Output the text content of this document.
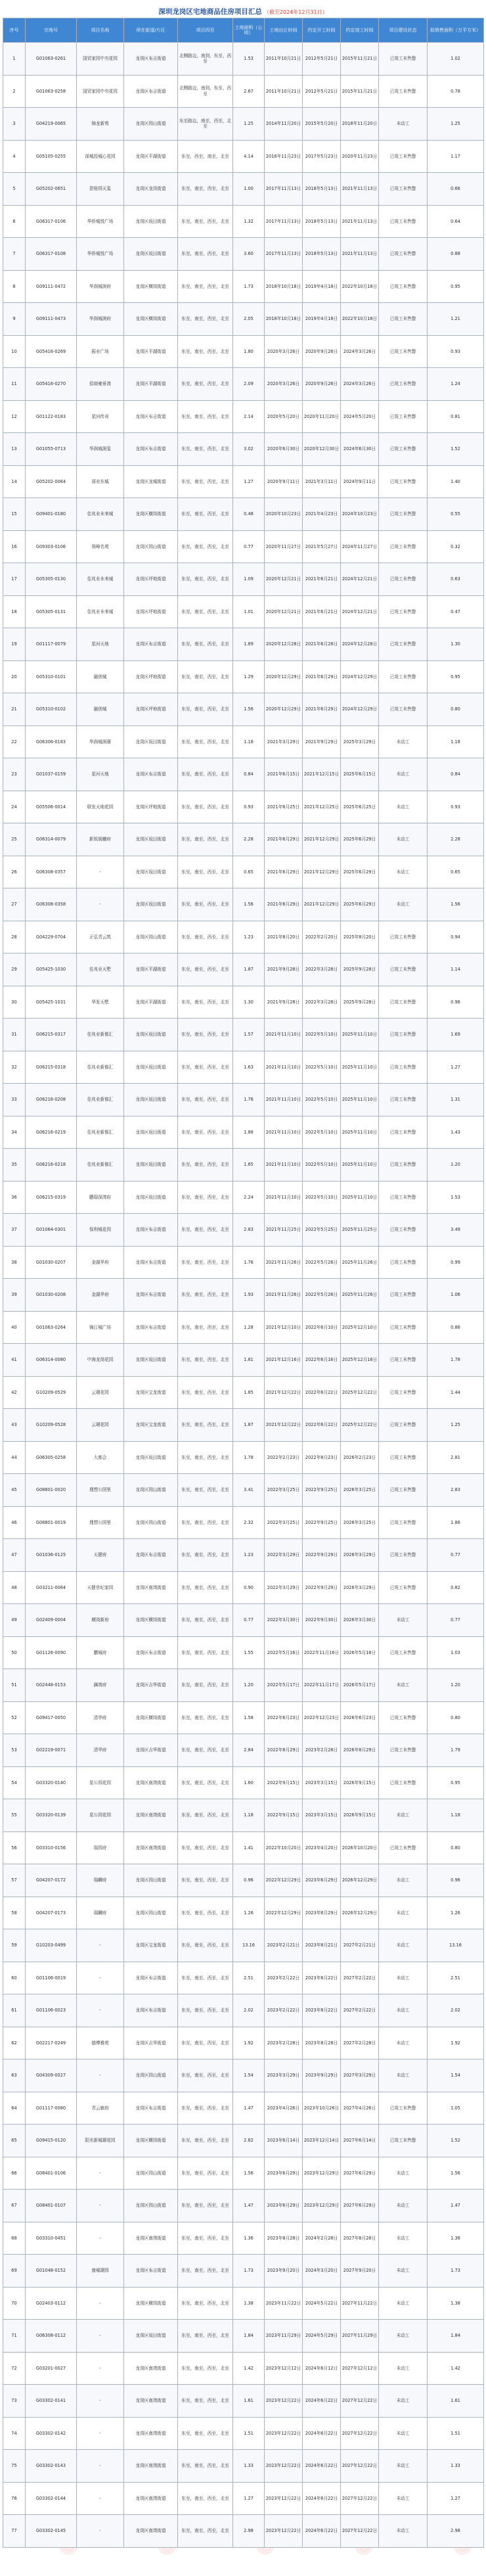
深圳龙岗区宅地商品住房项目汇总 （截至2024年12月31日）
序号	宗地号	项目名称	所在街道/片区	项目四至	土地面积（公顷）	土地出让时间	约定开工时间	约定竣工时间	项目建设状态	拟销售面积（万平方米）
1	G01063-0261	国贸家园中央花园	龙岗区布吉街道	北侧路边，南到，东至，西至	1.53	2011年10月21日	2012年5月21日	2015年11月21日	已竣工未售罄	1.02
2	G01063-0258	国贸家园中央花园	龙岗区布吉街道	北侧路边，南到，东至，西至	2.67	2011年10月21日	2012年5月21日	2015年11月21日	已竣工未售罄	0.78
3	G04219-0065	锦龙新苑	龙岗区园山街道	东至路边，南至，西至，北至	1.25	2014年11月20日	2015年5月20日	2018年11月20日	未动工	1.25
4	G05105-0255	深城投城心花园	龙岗区平湖街道	东至，西至，南至，北至	4.14	2016年11月23日	2017年5月23日	2020年11月23日	已竣工未售罄	1.17
5	G05202-0651	碧桂园天玺	龙岗区龙岗街道	东至，南至，西至，北至	1.00	2017年11月13日	2018年5月13日	2021年11月13日	已竣工未售罄	0.66
6	G06317-0106	华侨城悦广场	龙岗区坂田街道	东至，南至，西至，北至	1.32	2017年11月13日	2018年5月13日	2021年11月13日	已竣工未售罄	0.64
7	G06317-0108	华侨城悦广场	龙岗区坂田街道	东至，南至，西至，北至	3.60	2017年11月13日	2018年5月13日	2021年11月13日	已竣工未售罄	0.88
8	G09111-0472	华润城润府	龙岗区横岗街道	东至，南至，西至，北至	1.73	2018年10月18日	2019年4月18日	2022年10月18日	已竣工未售罄	0.95
9	G09111-0473	华润城润府	龙岗区横岗街道	东至，南至，西至，北至	2.05	2018年10月18日	2019年4月18日	2022年10月18日	已竣工未售罄	1.21
10	G05416-0269	振业广场	龙岗区平湖街道	东至，南至，西至，北至	1.80	2020年3月26日	2020年9月26日	2024年3月26日	已竣工未售罄	0.93
11	G05416-0270	招商雍景湾	龙岗区平湖街道	东至，南至，西至，北至	2.09	2020年3月26日	2020年9月26日	2024年3月26日	已竣工未售罄	1.24
12	G01122-0183	星河传奇	龙岗区布吉街道	东至，南至，西至，北至	2.14	2020年5月20日	2020年11月20日	2024年5月20日	已竣工未售罄	0.81
13	G01055-0713	华润城润玺	龙岗区布吉街道	东至，南至，西至，北至	3.02	2020年6月30日	2020年12月30日	2024年6月30日	已竣工未售罄	1.52
14	G05202-0064	深业东城	龙岗区龙城街道	东至，南至，西至，北至	1.27	2020年9月11日	2021年3月11日	2024年9月11日	已竣工未售罄	1.40
15	G09401-0180	佳兆业未来城	龙岗区横岗街道	东至，南至，西至，北至	0.48	2020年10月23日	2021年4月23日	2024年10月23日	已竣工未售罄	0.55
16	G09303-0106	领峰名苑	龙岗区园山街道	东至，南至，西至，北至	0.77	2020年11月27日	2021年5月27日	2024年11月27日	已竣工未售罄	0.32
17	G05305-0130	佳兆业未来城	龙岗区坪地街道	东至，南至，西至，北至	1.09	2020年12月21日	2021年6月21日	2024年12月21日	已竣工未售罄	0.63
18	G05305-0131	佳兆业未来城	龙岗区坪地街道	东至，南至，西至，北至	1.01	2020年12月21日	2021年6月21日	2024年12月21日	已竣工未售罄	0.47
19	G01117-0079	星河天地	龙岗区布吉街道	东至，南至，西至，北至	1.89	2020年12月28日	2021年6月28日	2024年12月28日	已竣工未售罄	1.30
20	G05310-0101	融创城	龙岗区坪地街道	东至，南至，西至，北至	1.29	2020年12月29日	2021年6月29日	2024年12月29日	已竣工未售罄	0.95
21	G05310-0102	融创城	龙岗区坪地街道	东至，南至，西至，北至	1.56	2020年12月29日	2021年6月29日	2024年12月29日	已竣工未售罄	0.80
22	G06306-0183	华润城润璟	龙岗区坂田街道	东至，南至，西至，北至	1.18	2021年3月29日	2021年9月29日	2025年3月29日	未动工	1.18
23	G01037-0159	星河天地	龙岗区布吉街道	东至，南至，西至，北至	0.84	2021年6月15日	2021年12月15日	2025年6月15日	未动工	0.84
24	G05506-0014	联发天地花园	龙岗区坪地街道	东至，南至，西至，北至	0.93	2021年6月25日	2021年12月25日	2025年6月25日	未动工	0.93
25	G06314-0079	新锐阁樾府	龙岗区坂田街道	东至，南至，西至，北至	2.28	2021年6月29日	2021年12月29日	2025年6月29日	未动工	2.28
26	G06308-0357	-	龙岗区坂田街道	东至，南至，西至，北至	0.65	2021年6月29日	2021年12月29日	2025年6月29日	未动工	0.65
27	G06308-0358	-	龙岗区坂田街道	东至，南至，西至，北至	1.56	2021年6月29日	2021年12月29日	2025年6月29日	未动工	1.56
28	G04229-0704	正弘青云筑	龙岗区园山街道	东至，南至，西至，北至	1.23	2021年8月20日	2022年2月20日	2025年8月20日	已竣工未售罄	0.94
29	G05425-1030	佳兆业天墅	龙岗区平湖街道	东至，南至，西至，北至	1.87	2021年9月28日	2022年3月28日	2025年9月28日	已竣工未售罄	1.14
30	G05425-1031	华发天墅	龙岗区平湖街道	东至，南至，西至，北至	1.30	2021年9月28日	2022年3月28日	2025年9月28日	已竣工未售罄	0.96
31	G06215-0317	佳兆业新都汇	龙岗区坂田街道	东至，南至，西至，北至	1.57	2021年11月10日	2022年5月10日	2025年11月10日	已竣工未售罄	1.69
32	G06215-0318	佳兆业新都汇	龙岗区坂田街道	东至，南至，西至，北至	1.63	2021年11月10日	2022年5月10日	2025年11月10日	已竣工未售罄	1.27
33	G06216-0208	佳兆业新都汇	龙岗区坂田街道	东至，南至，西至，北至	1.76	2021年11月10日	2022年5月10日	2025年11月10日	已竣工未售罄	1.31
34	G06216-0219	佳兆业新都汇	龙岗区坂田街道	东至，南至，西至，北至	1.88	2021年11月10日	2022年5月10日	2025年11月10日	已竣工未售罄	1.43
35	G06216-0218	佳兆业新都汇	龙岗区坂田街道	东至，南至，西至，北至	1.65	2021年11月10日	2022年5月10日	2025年11月10日	已竣工未售罄	1.20
36	G06215-0319	鹏瑞深湾府	龙岗区坂田街道	东至，南至，西至，北至	2.24	2021年11月10日	2022年5月10日	2025年11月10日	已竣工未售罄	1.53
37	G01064-0301	保利城花园	龙岗区布吉街道	东至，南至，西至，北至	2.83	2021年11月25日	2022年5月25日	2025年11月25日	已竣工未售罄	3.49
38	G01030-0207	金湖华府	龙岗区布吉街道	东至，南至，西至，北至	1.76	2021年11月26日	2022年5月26日	2025年11月26日	已竣工未售罄	0.99
39	G01030-0208	金湖华府	龙岗区布吉街道	东至，南至，西至，北至	1.93	2021年11月26日	2022年5月26日	2025年11月26日	已竣工未售罄	1.06
40	G01063-0264	锦江城广场	龙岗区布吉街道	东至，南至，西至，北至	1.28	2021年12月10日	2022年6月10日	2025年12月10日	已竣工未售罄	0.86
41	G06314-0080	中海龙岗花园	龙岗区坂田街道	东至，南至，西至，北至	1.81	2021年12月16日	2022年6月16日	2025年12月16日	已竣工未售罄	1.78
42	G10209-0529	云璟花园	龙岗区宝龙街道	东至，南至，西至，北至	1.85	2021年12月22日	2022年6月22日	2025年12月22日	已竣工未售罄	1.44
43	G10209-0528	云璟花园	龙岗区宝龙街道	东至，南至，西至，北至	1.87	2021年12月22日	2022年6月22日	2025年12月22日	已竣工未售罄	1.25
44	G06305-0258	大都会	龙岗区坂田街道	东至，南至，西至，北至	1.78	2022年2月23日	2022年8月23日	2026年2月23日	已竣工未售罄	2.81
45	G08801-0020	理想公园里	龙岗区园山街道	东至，南至，西至，北至	3.41	2022年3月25日	2022年9月25日	2026年3月25日	已竣工未售罄	2.83
46	G08801-0019	理想公园里	龙岗区园山街道	东至，南至，西至，北至	2.32	2022年3月25日	2022年9月25日	2026年3月25日	已竣工未售罄	1.86
47	G01036-0125	天健府	龙岗区布吉街道	东至，南至，西至，北至	1.23	2022年3月29日	2022年9月29日	2026年3月29日	已竣工未售罄	0.77
48	G03211-0064	天健世纪家园	龙岗区南湾街道	东至，南至，西至，北至	0.90	2022年3月29日	2022年9月29日	2026年3月29日	已竣工未售罄	0.82
49	G02409-0004	横岗新府	龙岗区横岗街道	东至，南至，西至，北至	0.77	2022年3月30日	2022年9月30日	2026年3月30日	未动工	0.77
50	G01126-0090	鹏城府	龙岗区布吉街道	东至，南至，西至，北至	1.55	2022年5月16日	2022年11月16日	2026年5月16日	已竣工未售罄	1.03
51	G02448-0153	澜湾府	龙岗区吉华街道	东至，南至，西至，北至	1.20	2022年5月17日	2022年11月17日	2026年5月17日	未动工	1.20
52	G09417-0050	清华府	龙岗区横岗街道	东至，南至，西至，北至	1.58	2022年6月23日	2022年12月23日	2026年6月23日	已竣工未售罄	0.80
53	G02219-0071	清华府	龙岗区吉华街道	东至，南至，西至，北至	2.84	2022年8月29日	2023年2月28日	2026年8月29日	已竣工未售罄	1.79
54	G03320-0140	星公园花园	龙岗区南湾街道	东至，南至，西至，北至	1.60	2022年9月15日	2023年3月15日	2026年9月15日	已竣工未售罄	0.95
55	G03320-0139	星公园花园	龙岗区南湾街道	东至，南至，西至，北至	1.18	2022年9月15日	2023年3月15日	2026年9月15日	未动工	1.18
56	G03310-0156	瑞园府	龙岗区南湾街道	东至，南至，西至，北至	1.41	2022年10月20日	2023年4月20日	2026年10月20日	已竣工未售罄	0.80
57	G04207-0172	瑞麟府	龙岗区园山街道	东至，南至，西至，北至	0.96	2022年12月29日	2023年6月29日	2026年12月29日	未动工	0.96
58	G04207-0173	瑞麟府	龙岗区园山街道	东至，南至，西至，北至	1.26	2022年12月29日	2023年6月29日	2026年12月29日	未动工	1.26
59	G10203-0499	-	龙岗区宝龙街道	东至，南至，西至，北至	13.16	2023年2月21日	2023年8月21日	2027年2月21日	未动工	13.16
60	G01106-0019	-	龙岗区布吉街道	东至，南至，西至，北至	2.51	2023年2月22日	2023年8月22日	2027年2月22日	未动工	2.51
61	G01106-0023	-	龙岗区布吉街道	东至，南至，西至，北至	2.02	2023年2月22日	2023年8月22日	2027年2月22日	未动工	2.02
62	G02217-0249	德博雅苑	龙岗区吉华街道	东至，南至，西至，北至	1.92	2023年2月28日	2023年8月28日	2027年2月28日	未动工	1.92
63	G04309-0027	-	龙岗区园山街道	东至，南至，西至，北至	1.54	2023年3月29日	2023年9月29日	2027年3月29日	未动工	1.54
64	G01117-0080	青云廊府	龙岗区布吉街道	东至，南至，西至，北至	1.47	2023年4月26日	2023年10月26日	2027年4月26日	已竣工未售罄	1.05
65	G09415-0120	阳光新城璟花园	龙岗区横岗街道	东至，南至，西至，北至	2.82	2023年6月14日	2023年12月14日	2027年6月14日	已竣工未售罄	1.52
66	G08401-0106	-	龙岗区园山街道	东至，南至，西至，北至	1.56	2023年6月29日	2023年12月29日	2027年6月29日	未动工	1.56
67	G08401-0107	-	龙岗区园山街道	东至，南至，西至，北至	1.47	2023年6月29日	2023年12月29日	2027年6月29日	未动工	1.47
68	G03310-0451	-	龙岗区南湾街道	东至，南至，西至，北至	1.36	2023年8月28日	2024年2月28日	2027年8月28日	未动工	1.36
69	G01048-0152	康城璟园	龙岗区布吉街道	东至，南至，西至，北至	1.73	2023年9月20日	2024年3月20日	2027年9月20日	未动工	1.73
70	G02403-0112	-	龙岗区横岗街道	东至，南至，西至，北至	1.38	2023年11月22日	2024年5月22日	2027年11月22日	未动工	1.38
71	G06308-0112	-	龙岗区坂田街道	东至，南至，西至，北至	1.84	2023年11月29日	2024年5月29日	2027年11月29日	未动工	1.84
72	G03201-0027	-	龙岗区南湾街道	东至，南至，西至，北至	1.42	2023年12月12日	2024年6月12日	2027年12月12日	未动工	1.42
73	G03302-0141	-	龙岗区南湾街道	东至，南至，西至，北至	1.61	2023年12月22日	2024年6月22日	2027年12月22日	未动工	1.61
74	G03302-0142	-	龙岗区南湾街道	东至，南至，西至，北至	1.51	2023年12月22日	2024年6月22日	2027年12月22日	未动工	1.51
75	G03302-0143	-	龙岗区南湾街道	东至，南至，西至，北至	1.33	2023年12月22日	2024年6月22日	2027年12月22日	未动工	1.33
76	G03302-0144	-	龙岗区南湾街道	东至，南至，西至，北至	1.27	2023年12月22日	2024年6月22日	2027年12月22日	未动工	1.27
77	G03302-0145	-	龙岗区南湾街道	东至，南至，西至，北至	2.98	2023年12月22日	2024年6月22日	2027年12月22日	未动工	2.98
